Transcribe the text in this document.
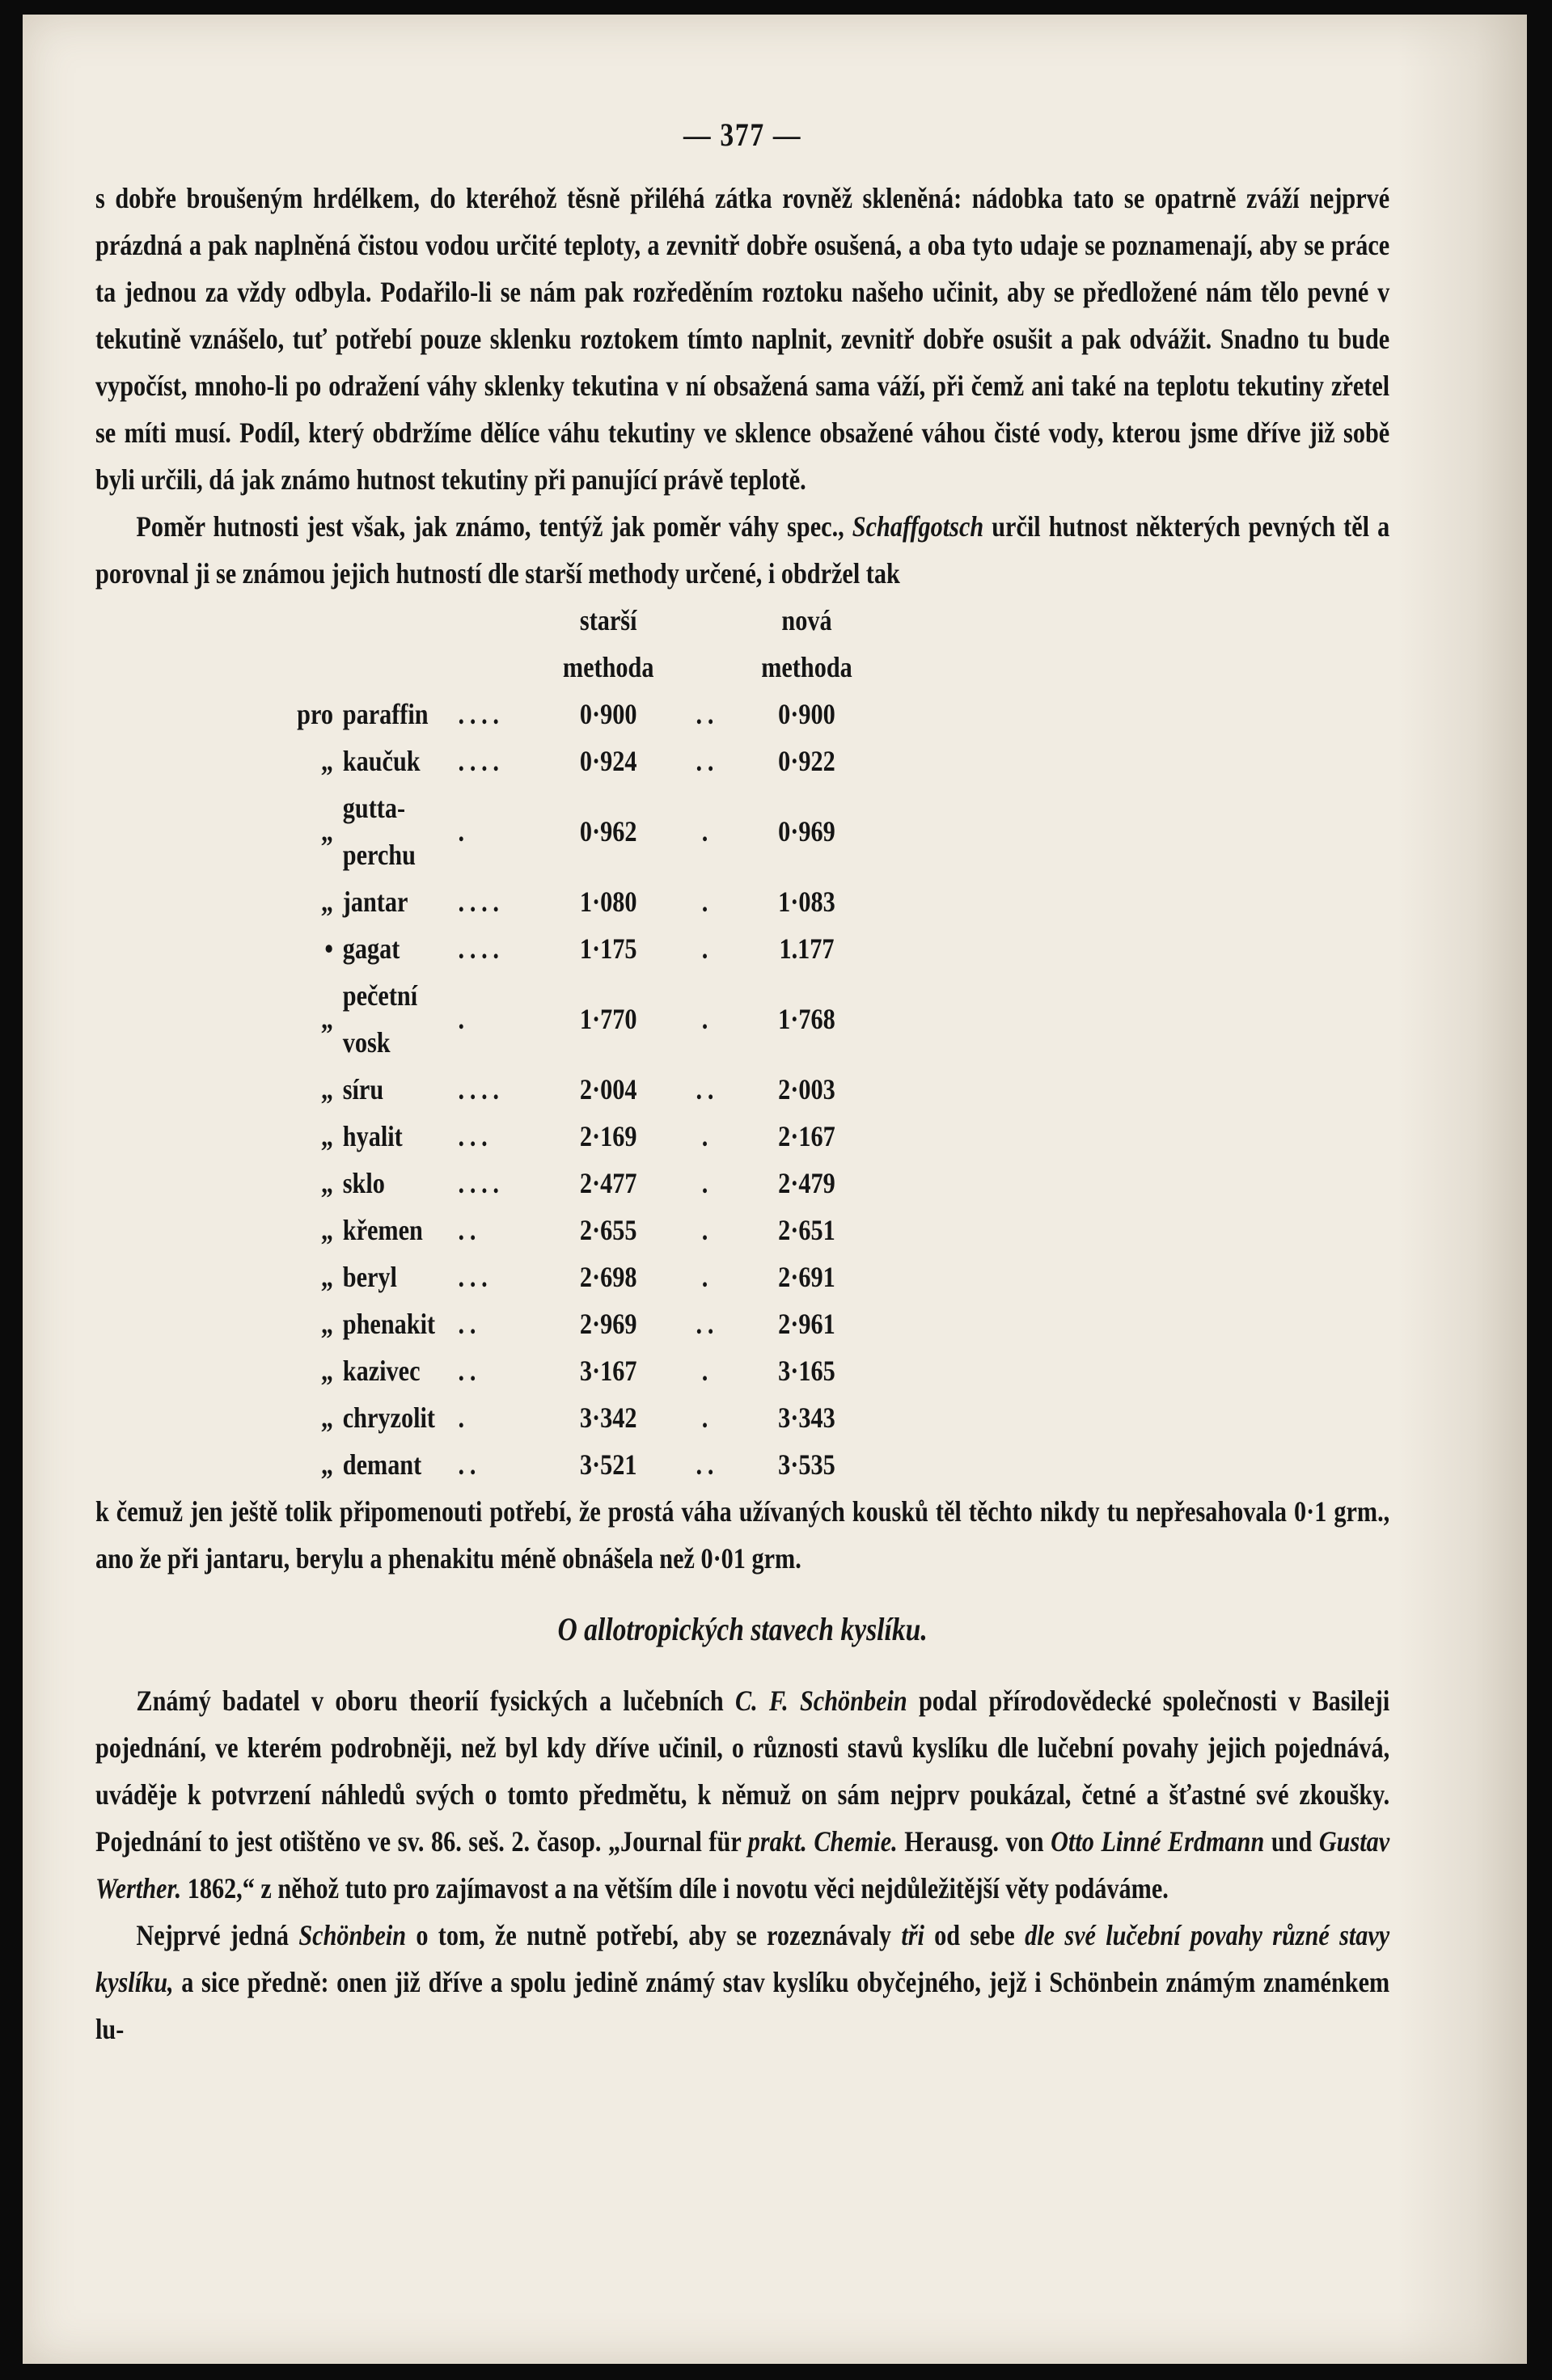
— 377 —

s dobře broušeným hrdélkem, do kteréhož těsně přiléhá zátka rovněž skleněná: nádobka tato se opatrně zváží nejprvé prázdná a pak naplněná čistou vodou určité teploty, a zevnitř dobře osušená, a oba tyto udaje se poznamenají, aby se práce ta jednou za vždy odbyla. Podařilo-li se nám pak rozředěním roztoku našeho učinit, aby se předložené nám tělo pevné v tekutině vznášelo, tuť potřebí pouze sklenku roztokem tímto naplnit, zevnitř dobře osušit a pak odvážit. Snadno tu bude vypočíst, mnoho-li po odražení váhy sklenky tekutina v ní obsažená sama váží, při čemž ani také na teplotu tekutiny zřetel se míti musí. Podíl, který obdržíme dělíce váhu tekutiny ve sklence obsažené váhou čisté vody, kterou jsme dříve již sobě byli určili, dá jak známo hutnost tekutiny při panující právě teplotě.

Poměr hutnosti jest však, jak známo, tentýž jak poměr váhy spec., Schaffgotsch určil hutnost některých pevných těl a porovnal ji se známou jejich hutností dle starší methody určené, i obdržel tak

			starší methoda		nová methoda
pro	paraffin	....	0·900	..	0·900
„	kaučuk	....	0·924	..	0·922
„	gutta-perchu	.	0·962	.	0·969
„	jantar	....	1·080	.	1·083
•	gagat	....	1·175	.	1.177
„	pečetní vosk	.	1·770	.	1·768
„	síru	....	2·004	..	2·003
„	hyalit	...	2·169	.	2·167
„	sklo	....	2·477	.	2·479
„	křemen	..	2·655	.	2·651
„	beryl	...	2·698	.	2·691
„	phenakit	..	2·969	..	2·961
„	kazivec	..	3·167	.	3·165
„	chryzolit	.	3·342	.	3·343
„	demant	..	3·521	..	3·535

k čemuž jen ještě tolik připomenouti potřebí, že prostá váha užívaných kousků těl těchto nikdy tu nepřesahovala 0·1 grm., ano že při jantaru, berylu a phenakitu méně obnášela než 0·01 grm.

O allotropických stavech kyslíku.

Známý badatel v oboru theorií fysických a lučebních C. F. Schönbein podal přírodovědecké společnosti v Basileji pojednání, ve kterém podrobněji, než byl kdy dříve učinil, o různosti stavů kyslíku dle lučební povahy jejich pojednává, uváděje k potvrzení náhledů svých o tomto předmětu, k němuž on sám nejprv poukázal, četné a šťastné své zkoušky. Pojednání to jest otištěno ve sv. 86. seš. 2. časop. „Journal für prakt. Chemie. Herausg. von Otto Linné Erdmann und Gustav Werther. 1862,“ z něhož tuto pro zajímavost a na větším díle i novotu věci nejdůležitější věty podáváme.

Nejprvé jedná Schönbein o tom, že nutně potřebí, aby se rozeznávaly tři od sebe dle své lučební povahy různé stavy kyslíku, a sice předně: onen již dříve a spolu jedině známý stav kyslíku obyčejného, jejž i Schönbein známým znaménkem lu-
